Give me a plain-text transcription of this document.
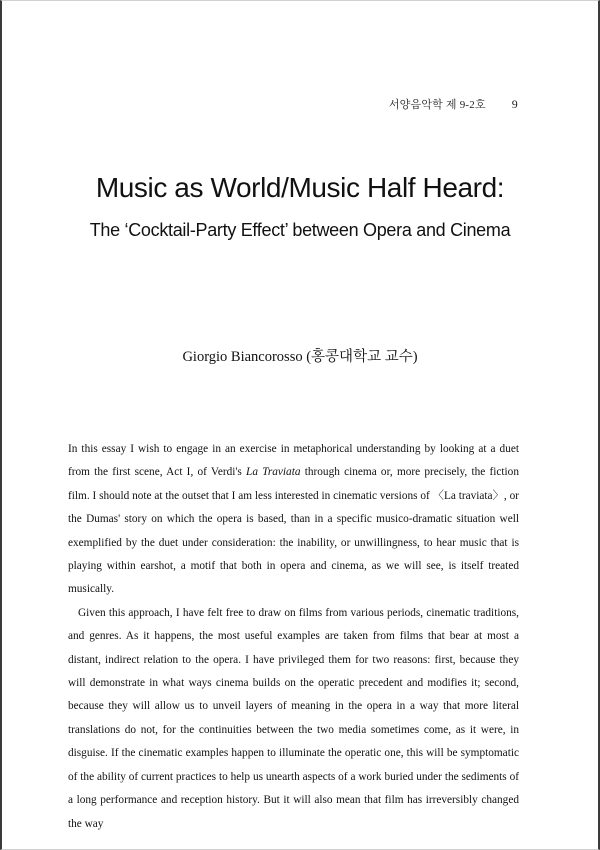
서양음악학 제 9-2호 9
Music as World/Music Half Heard:
The ‘Cocktail-Party Effect’ between Opera and Cinema
Giorgio Biancorosso (홍콩대학교 교수)

In this essay I wish to engage in an exercise in metaphorical understanding by looking at a duet from the first scene, Act I, of Verdi's La Traviata through cinema or, more precisely, the fiction film. I should note at the outset that I am less interested in cinematic versions of 〈La traviata〉, or the Dumas' story on which the opera is based, than in a specific musico-dramatic situation well exemplified by the duet under consideration: the inability, or unwillingness, to hear music that is playing within earshot, a motif that both in opera and cinema, as we will see, is itself treated musically.

Given this approach, I have felt free to draw on films from various periods, cinematic traditions, and genres. As it happens, the most useful examples are taken from films that bear at most a distant, indirect relation to the opera. I have privileged them for two reasons: first, because they will demonstrate in what ways cinema builds on the operatic precedent and modifies it; second, because they will allow us to unveil layers of meaning in the opera in a way that more literal translations do not, for the continuities between the two media sometimes come, as it were, in disguise. If the cinematic examples happen to illuminate the operatic one, this will be symptomatic of the ability of current practices to help us unearth aspects of a work buried under the sediments of a long performance and reception history. But it will also mean that film has irreversibly changed the way
